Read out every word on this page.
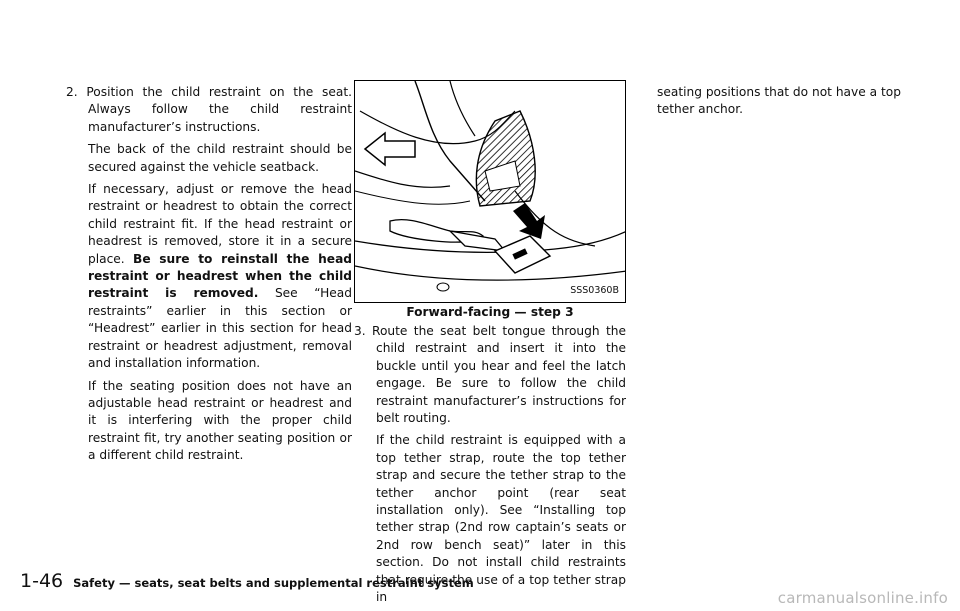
2. Position the child restraint on the seat. Always follow the child restraint manufacturer’s instructions.

The back of the child restraint should be secured against the vehicle seatback.

If necessary, adjust or remove the head restraint or headrest to obtain the correct child restraint fit. If the head restraint or headrest is removed, store it in a secure place. Be sure to reinstall the head restraint or headrest when the child restraint is removed. See “Head restraints” earlier in this section or “Headrest” earlier in this section for head restraint or headrest adjustment, removal and installation information.

If the seating position does not have an adjustable head restraint or headrest and it is interfering with the proper child restraint fit, try another seating position or a different child restraint.

SSS0360B
Forward-facing — step 3

3. Route the seat belt tongue through the child restraint and insert it into the buckle until you hear and feel the latch engage. Be sure to follow the child restraint manufacturer’s instructions for belt routing.

If the child restraint is equipped with a top tether strap, route the top tether strap and secure the tether strap to the tether anchor point (rear seat installation only). See “Installing top tether strap (2nd row captain’s seats or 2nd row bench seat)” later in this section. Do not install child restraints that require the use of a top tether strap in

seating positions that do not have a top tether anchor.

1-46 Safety — seats, seat belts and supplemental restraint system
carmanualsonline.info
